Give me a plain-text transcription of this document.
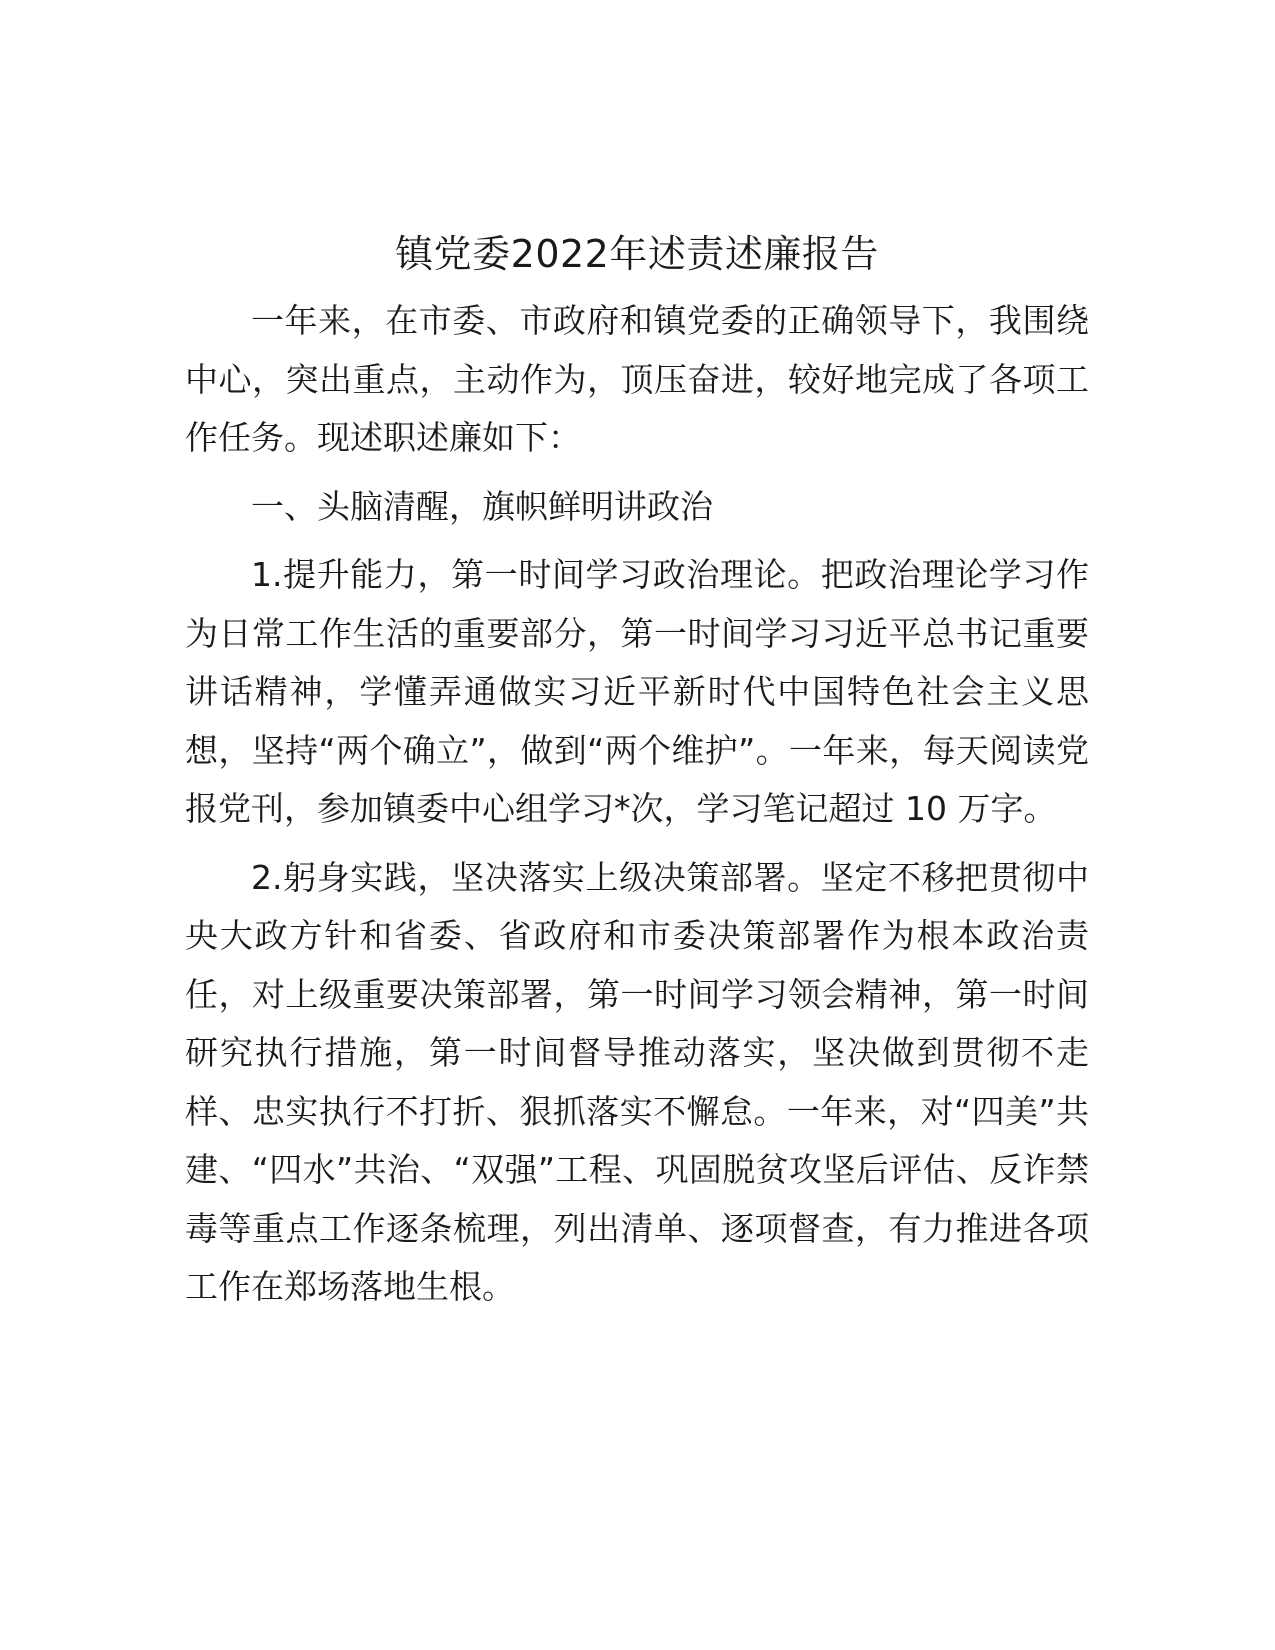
镇党委2022年述责述廉报告

一年来，在市委、市政府和镇党委的正确领导下，我围绕中心，突出重点，主动作为，顶压奋进，较好地完成了各项工作任务。现述职述廉如下：

一、头脑清醒，旗帜鲜明讲政治

1.提升能力，第一时间学习政治理论。把政治理论学习作为日常工作生活的重要部分，第一时间学习习近平总书记重要讲话精神，学懂弄通做实习近平新时代中国特色社会主义思想，坚持“两个确立”，做到“两个维护”。一年来，每天阅读党报党刊，参加镇委中心组学习*次，学习笔记超过 10 万字。

2.躬身实践，坚决落实上级决策部署。坚定不移把贯彻中央大政方针和省委、省政府和市委决策部署作为根本政治责任，对上级重要决策部署，第一时间学习领会精神，第一时间研究执行措施，第一时间督导推动落实，坚决做到贯彻不走样、忠实执行不打折、狠抓落实不懈怠。一年来，对“四美”共建、“四水”共治、“双强”工程、巩固脱贫攻坚后评估、反诈禁毒等重点工作逐条梳理，列出清单、逐项督查，有力推进各项工作在郑场落地生根。
